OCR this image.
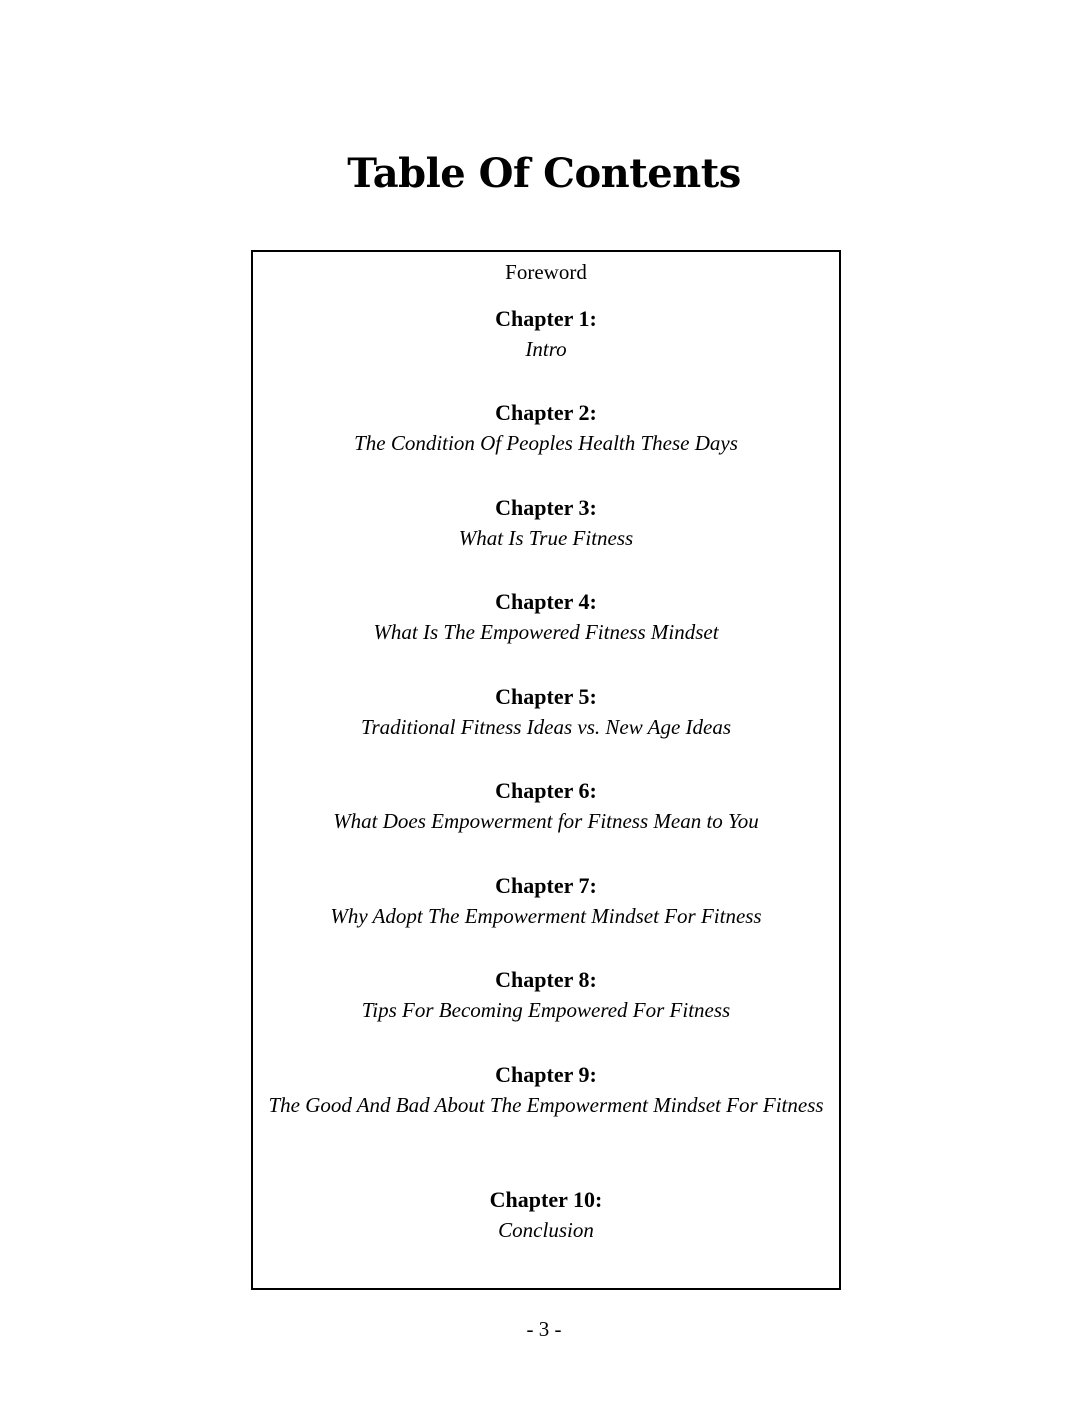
Table Of Contents
Foreword
Chapter 1:
Intro
Chapter 2:
The Condition Of Peoples Health These Days
Chapter 3:
What Is True Fitness
Chapter 4:
What Is The Empowered Fitness Mindset
Chapter 5:
Traditional Fitness Ideas vs. New Age Ideas
Chapter 6:
What Does Empowerment for Fitness Mean to You
Chapter 7:
Why Adopt The Empowerment Mindset For Fitness
Chapter 8:
Tips For Becoming Empowered For Fitness
Chapter 9:
The Good And Bad About The Empowerment Mindset For Fitness
Chapter 10:
Conclusion
- 3 -
